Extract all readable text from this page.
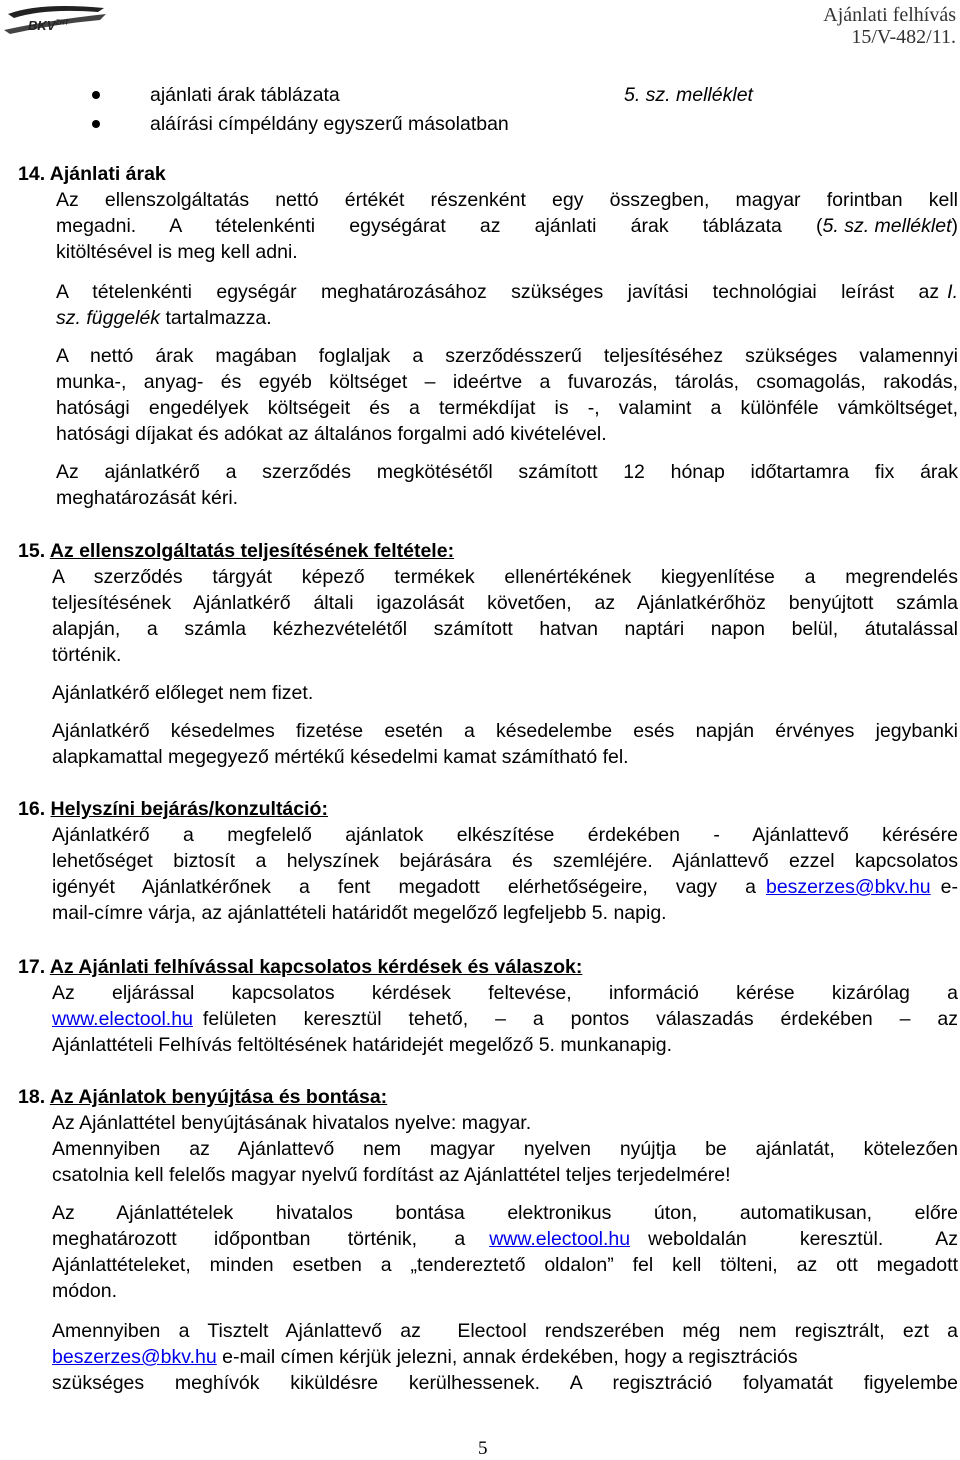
$BKV^{ZRT}$	Ajánlati felhívás
15/V-482/11.
ajánlati árak táblázata	5. sz. melléklet
aláírási címpéldány egyszerű másolatban
14. Ajánlati árak
Az ellenszolgáltatás nettó értékét részenként egy összegben, magyar forintban kell
megadni. A tételenkénti egységárat az ajánlati árak táblázata ( 5. sz. melléklet )
kitöltésével is meg kell adni.
A tételenkénti egységár meghatározásához szükséges javítási technológiai leírást az I.
sz. függelék tartalmazza.
A nettó árak magában foglaljak a szerződésszerű teljesítéséhez szükséges valamennyi
munka-, anyag- és egyéb költséget – ideértve a fuvarozás, tárolás, csomagolás, rakodás,
hatósági engedélyek költségeit és a termékdíjat is -, valamint a különféle vámköltséget,
hatósági díjakat és adókat az általános forgalmi adó kivételével.
Az ajánlatkérő a szerződés megkötésétől számított 12 hónap időtartamra fix árak
meghatározását kéri.
15. Az ellenszolgáltatás teljesítésének feltétele:
A szerződés tárgyát képező termékek ellenértékének kiegyenlítése a megrendelés
teljesítésének Ajánlatkérő általi igazolását követően, az Ajánlatkérőhöz benyújtott számla
alapján, a számla kézhezvételétől számított hatvan naptári napon belül, átutalással
történik.
Ajánlatkérő előleget nem fizet.
Ajánlatkérő késedelmes fizetése esetén a késedelembe esés napján érvényes jegybanki
alapkamattal megegyező mértékű késedelmi kamat számítható fel.
16. Helyszíni bejárás/konzultáció:
Ajánlatkérő a megfelelő ajánlatok elkészítése érdekében - Ajánlattevő kérésére
lehetőséget biztosít a helyszínek bejárására és szemléjére. Ajánlattevő ezzel kapcsolatos
igényét Ajánlatkérőnek a fent megadott elérhetőségeire, vagy a beszerzes@bkv.hu e-
mail-címre várja, az ajánlattételi határidőt megelőző legfeljebb 5. napig.
17. Az Ajánlati felhívással kapcsolatos kérdések és válaszok:
Az eljárással kapcsolatos kérdések feltevése, információ kérése kizárólag a
www.electool.hu felületen keresztül tehető, – a pontos válaszadás érdekében – az
Ajánlattételi Felhívás feltöltésének határidejét megelőző 5. munkanapig.
18. Az Ajánlatok benyújtása és bontása:
Az Ajánlattétel benyújtásának hivatalos nyelve: magyar.
Amennyiben az Ajánlattevő nem magyar nyelven nyújtja be ajánlatát, kötelezően
csatolnia kell felelős magyar nyelvű fordítást az Ajánlattétel teljes terjedelmére!
Az Ajánlattételek hivatalos bontása elektronikus úton, automatikusan, előre
meghatározott időpontban történik, a www.electool.hu weboldalán keresztül. Az
Ajánlattételeket, minden esetben a „tendereztető oldalon” fel kell tölteni, az ott megadott
módon.
Amennyiben a Tisztelt Ajánlattevő az  Electool rendszerében még nem regisztrált, ezt a
beszerzes@bkv.hu e-mail címen kérjük jelezni, annak érdekében, hogy a regisztrációs
szükséges meghívók kiküldésre kerülhessenek. A regisztráció folyamatát figyelembe
5
